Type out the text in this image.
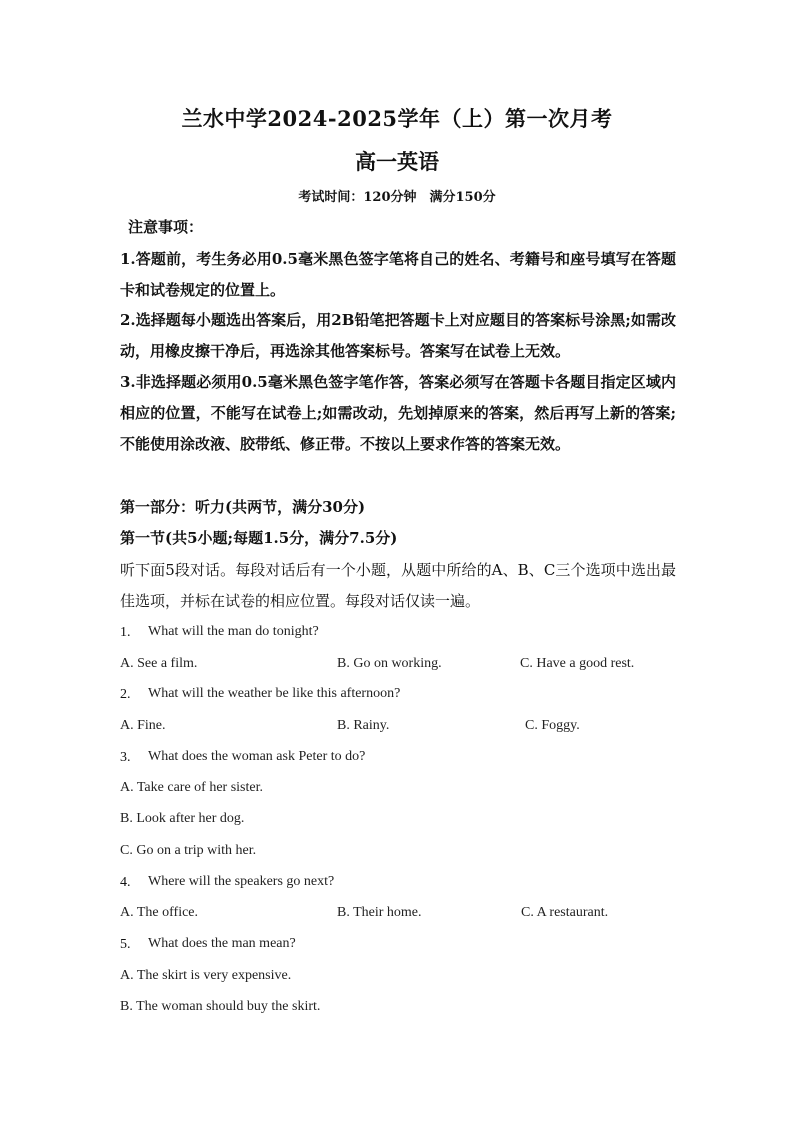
兰水中学2024-2025学年（上）第一次月考
高一英语
考试时间：120分钟　满分150分
注意事项：
1.答题前，考生务必用0.5毫米黑色签字笔将自己的姓名、考籍号和座号填写在答题卡和试卷规定的位置上。
2.选择题每小题选出答案后，用2B铅笔把答题卡上对应题目的答案标号涂黑;如需改动，用橡皮擦干净后，再选涂其他答案标号。答案写在试卷上无效。
3.非选择题必须用0.5毫米黑色签字笔作答，答案必须写在答题卡各题目指定区域内相应的位置，不能写在试卷上;如需改动，先划掉原来的答案，然后再写上新的答案;不能使用涂改液、胶带纸、修正带。不按以上要求作答的答案无效。
第一部分：听力(共两节，满分30分)
第一节(共5小题;每题1.5分，满分7.5分)
听下面5段对话。每段对话后有一个小题，从题中所给的A、B、C三个选项中选出最佳选项，并标在试卷的相应位置。每段对话仅读一遍。
1. What will the man do tonight?
A. See a film.	B. Go on working.	C. Have a good rest.
2. What will the weather be like this afternoon?
A. Fine.	B. Rainy.	C. Foggy.
3. What does the woman ask Peter to do?
A. Take care of her sister.
B. Look after her dog.
C. Go on a trip with her.
4. Where will the speakers go next?
A. The office.	B. Their home.	C. A restaurant.
5. What does the man mean?
A. The skirt is very expensive.
B. The woman should buy the skirt.
